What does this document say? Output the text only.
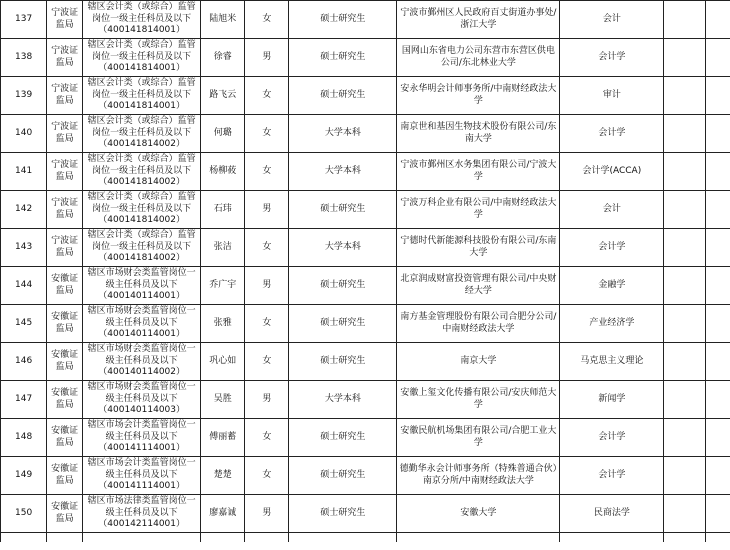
137	宁波证监局	辖区会计类（或综合）监管
岗位一级主任科员及以下
（400141814001）	陆旭米	女	硕士研究生	宁波市鄞州区人民政府百丈街道办事处/浙江大学	会计		
138	宁波证监局	辖区会计类（或综合）监管
岗位一级主任科员及以下
（400141814001）	徐睿	男	硕士研究生	国网山东省电力公司东营市东营区供电公司/东北林业大学	会计学		
139	宁波证监局	辖区会计类（或综合）监管
岗位一级主任科员及以下
（400141814001）	路飞云	女	硕士研究生	安永华明会计师事务所/中南财经政法大学	审计		
140	宁波证监局	辖区会计类（或综合）监管
岗位一级主任科员及以下
（400141814002）	何璐	女	大学本科	南京世和基因生物技术股份有限公司/东南大学	会计学		
141	宁波证监局	辖区会计类（或综合）监管
岗位一级主任科员及以下
（400141814002）	杨柳莜	女	大学本科	宁波市鄞州区水务集团有限公司/宁波大学	会计学(ACCA)		
142	宁波证监局	辖区会计类（或综合）监管
岗位一级主任科员及以下
（400141814002）	石玮	男	硕士研究生	宁波万科企业有限公司/中南财经政法大学	会计		
143	宁波证监局	辖区会计类（或综合）监管
岗位一级主任科员及以下
（400141814002）	张洁	女	大学本科	宁德时代新能源科技股份有限公司/东南大学	会计学		
144	安徽证监局	辖区市场财会类监管岗位一
级主任科员及以下
（400140114001）	乔广宇	男	硕士研究生	北京润成财富投资管理有限公司/中央财经大学	金融学		
145	安徽证监局	辖区市场财会类监管岗位一
级主任科员及以下
（400140114001）	张雅	女	硕士研究生	南方基金管理股份有限公司合肥分公司/中南财经政法大学	产业经济学		
146	安徽证监局	辖区市场财会类监管岗位一
级主任科员及以下
（400140114002）	巩心如	女	硕士研究生	南京大学	马克思主义理论		
147	安徽证监局	辖区市场财会类监管岗位一
级主任科员及以下
（400140114003）	吴胜	男	大学本科	安徽上玺文化传播有限公司/安庆师范大学	新闻学		
148	安徽证监局	辖区市场会计类监管岗位一
级主任科员及以下
（400141114001）	傅丽蓄	女	硕士研究生	安徽民航机场集团有限公司/合肥工业大学	会计学		
149	安徽证监局	辖区市场会计类监管岗位一
级主任科员及以下
（400141114001）	楚楚	女	硕士研究生	德勤华永会计师事务所（特殊普通合伙）南京分所/中南财经政法大学	会计学		
150	安徽证监局	辖区市场法律类监管岗位一
级主任科员及以下
（400142114001）	廖嘉诚	男	硕士研究生	安徽大学	民商法学		
